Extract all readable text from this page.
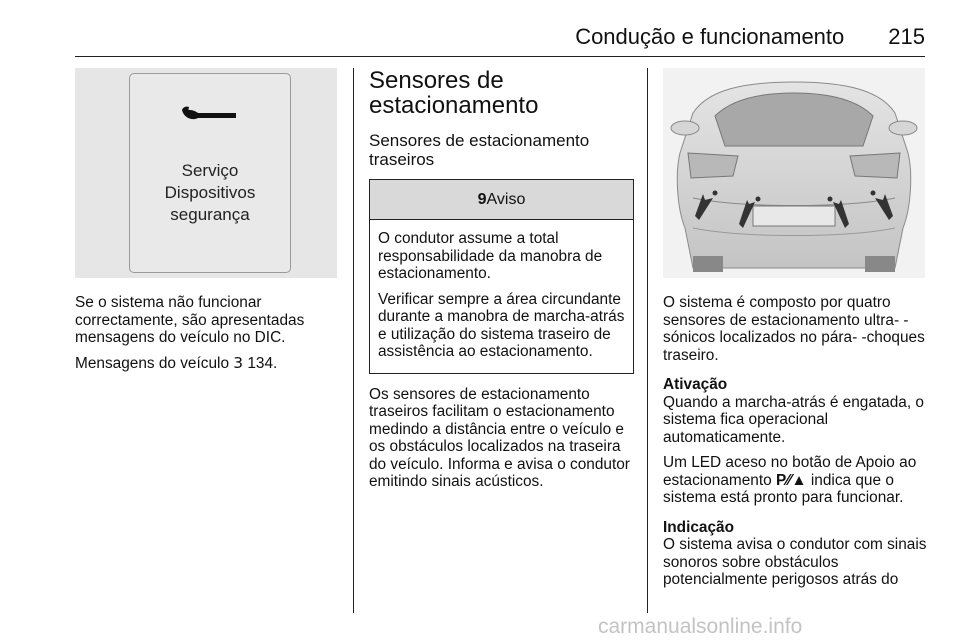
Condução e funcionamento 215
Serviço
Dispositivos
segurança

Se o sistema não funcionar correctamente, são apresentadas mensagens do veículo no DIC.

Mensagens do veículo 3 134.

Sensores de estacionamento
Sensores de estacionamento traseiros
9Aviso

O condutor assume a total responsabilidade da manobra de estacionamento.

Verificar sempre a área circundante durante a manobra de marcha-atrás e utilização do sistema traseiro de assistência ao estacionamento.

Os sensores de estacionamento traseiros facilitam o estacionamento medindo a distância entre o veículo e os obstáculos localizados na traseira do veículo. Informa e avisa o condutor emitindo sinais acústicos.

O sistema é composto por quatro sensores de estacionamento ultra- -sónicos localizados no pára- -choques traseiro.

Ativação
Quando a marcha-atrás é engatada, o sistema fica operacional automaticamente.

Um LED aceso no botão de Apoio ao estacionamento P⁄⁄▲ indica que o sistema está pronto para funcionar.

Indicação
O sistema avisa o condutor com sinais sonoros sobre obstáculos potencialmente perigosos atrás do

carmanualsonline.info
